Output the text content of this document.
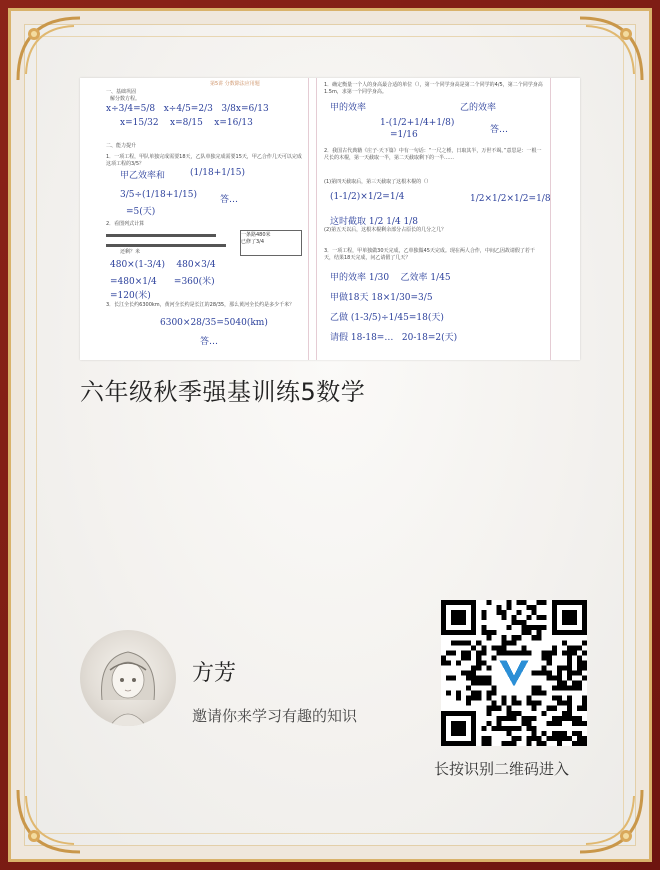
第5讲 分数除法应用题
一、基础巩固
解分数方程。
x÷3/4=5/8   x÷4/5=2/3   3/8x=6/13
x=15/32    x=8/15    x=16/13
二、能力提升
1．一项工程，甲队单独完成需要18天，乙队单独完成需要15天，甲乙合作几天可以完成这项工程的3/5？
甲乙效率和	(1/18+1/15)
3/5÷(1/18+1/15)
=5(天)
答…
2．看图列式计算
还剩？米
一条路480米
已修了3/4
480×(1-3/4)    480×3/4
=480×1/4      =360(米)
=120(米)
3．长江全长约6300km，黄河全长约是长江的28/35，那么黄河全长约是多少千米？
6300×28/35=5040(km)
答…
1．确定衡量一个人的身高最合适的单位（），第一个同学身高是第二个同学的4/5，第二个同学身高1.5m，求第一个同学身高。
甲的效率	乙的效率
1-(1/2+1/4+1/8)
=1/16	答…
2．我国古代典籍《庄子·天下篇》中有一句话：“一尺之棰，日取其半，万世不竭。”意思是：一根一尺长的木棍，第一天截取一半，第二天截取剩下的一半……
(1)第四天截取后，第三天截取了这根木棍的（）
(1-1/2)×1/2=1/4	1/2×1/2×1/2=1/8
(2)第五天以后，这根木棍剩余部分占原长的几分之几？
这时截取 1/2 1/4 1/8
3．一项工程，甲单独做30天完成，乙单独做45天完成。现在两人合作，中间乙因故请假了若干天，结果18天完成，问乙请假了几天？
甲的效率 1/30    乙效率 1/45
甲做18天 18×1/30=3/5
乙做 (1-3/5)÷1/45=18(天)
请假 18-18=…   20-18=2(天)
六年级秋季强基训练5数学
方芳
邀请你来学习有趣的知识
长按识别二维码进入
